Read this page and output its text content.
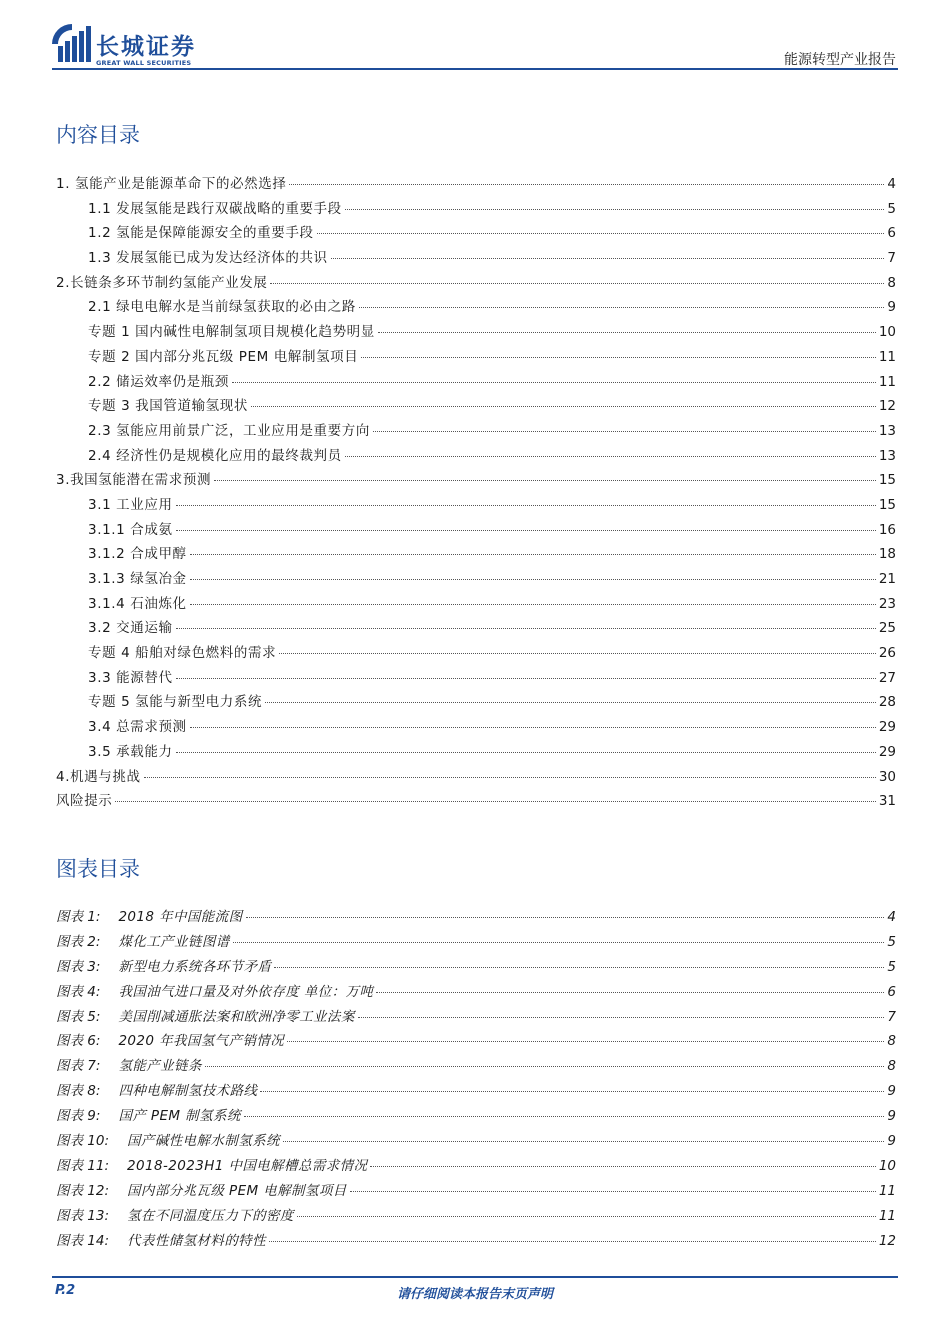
长城证券
GREAT WALL SECURITIES	能源转型产业报告
内容目录
1. 氢能产业是能源革命下的必然选择	4
1.1 发展氢能是践行双碳战略的重要手段	5
1.2 氢能是保障能源安全的重要手段	6
1.3 发展氢能已成为发达经济体的共识	7
2.长链条多环节制约氢能产业发展	8
2.1 绿电电解水是当前绿氢获取的必由之路	9
专题 1 国内碱性电解制氢项目规模化趋势明显	10
专题 2 国内部分兆瓦级 PEM 电解制氢项目	11
2.2 储运效率仍是瓶颈	11
专题 3 我国管道输氢现状	12
2.3 氢能应用前景广泛，工业应用是重要方向	13
2.4 经济性仍是规模化应用的最终裁判员	13
3.我国氢能潜在需求预测	15
3.1 工业应用	15
3.1.1 合成氨	16
3.1.2 合成甲醇	18
3.1.3 绿氢冶金	21
3.1.4 石油炼化	23
3.2 交通运输	25
专题 4 船舶对绿色燃料的需求	26
3.3 能源替代	27
专题 5 氢能与新型电力系统	28
3.4 总需求预测	29
3.5 承载能力	29
4.机遇与挑战	30
风险提示	31
图表目录
图表 1: 2018 年中国能流图	4
图表 2: 煤化工产业链图谱	5
图表 3: 新型电力系统各环节矛盾	5
图表 4: 我国油气进口量及对外依存度 单位：万吨	6
图表 5: 美国削减通胀法案和欧洲净零工业法案	7
图表 6: 2020 年我国氢气产销情况	8
图表 7: 氢能产业链条	8
图表 8: 四种电解制氢技术路线	9
图表 9: 国产 PEM 制氢系统	9
图表 10: 国产碱性电解水制氢系统	9
图表 11: 2018-2023H1 中国电解槽总需求情况	10
图表 12: 国内部分兆瓦级 PEM 电解制氢项目	11
图表 13: 氢在不同温度压力下的密度	11
图表 14: 代表性储氢材料的特性	12
请仔细阅读本报告末页声明
P.2
